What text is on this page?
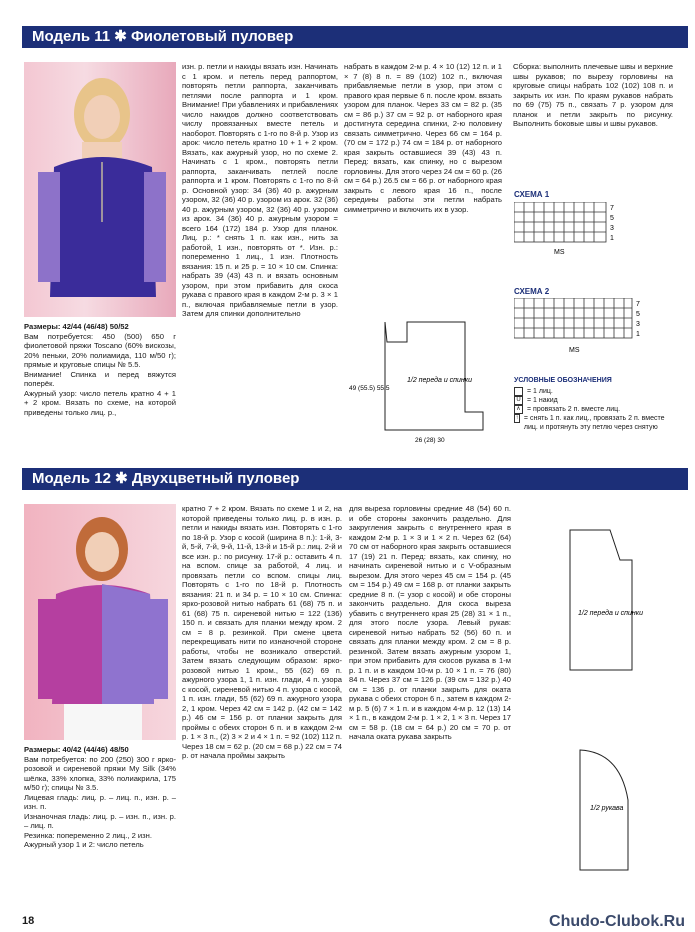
Модель 11 ✱ Фиолетовый пуловер

Размеры: 42/44 (46/48) 50/52

Вам потребуется: 450 (500) 650 г фиолетовой пряжи Toscano (60% вискозы, 20% пеньки, 20% полиамида, 110 м/50 г); прямые и круговые спицы № 5.5.

Внимание! Спинка и перед вяжутся поперёк.

Ажурный узор: число петель кратно 4 + 1 + 2 кром. Вязать по схеме, на которой приведены только лиц. р.,

изн. р. петли и накиды вязать изн. Начинать с 1 кром. и петель перед раппортом, повторять петли раппорта, заканчивать петлями после раппорта и 1 кром. Внимание! При убавлениях и прибавлениях число накидов должно соответствовать числу провязанных вместе петель и наоборот. Повторять с 1-го по 8-й р. Узор из арок: число петель кратно 10 + 1 + 2 кром. Вязать, как ажурный узор, но по схеме 2. Начинать с 1 кром., повторять петли раппорта, заканчивать петлей после раппорта и 1 кром. Повторять с 1-го по 8-й р. Основной узор: 34 (36) 40 р. ажурным узором, 32 (36) 40 р. узором из арок. 32 (36) 40 р. ажурным узором, 32 (36) 40 р. узором из арок. 34 (36) 40 р. ажурным узором = всего 164 (172) 184 р. Узор для планок. Лиц. р.: * снять 1 п. как изн., нить за работой, 1 изн., повторять от *. Изн. р.: попеременно 1 лиц., 1 изн. Плотность вязания: 15 п. и 25 р. = 10 × 10 см. Спинка: набрать 39 (43) 43 п. и вязать основным узором, при этом прибавить для скоса рукава с правого края в каждом 2-м р. 3 × 1 п., включая прибавляемые петли в узор. Затем для спинки дополнительно

набрать в каждом 2-м р. 4 × 10 (12) 12 п. и 1 × 7 (8) 8 п. = 89 (102) 102 п., включая прибавляемые петли в узор, при этом с правого края первые 6 п. после кром. вязать узором для планок. Через 33 см = 82 р. (35 см = 86 р.) 37 см = 92 р. от наборного края достигнута середина спинки, 2-ю половину связать симметрично. Через 66 см = 164 р. (70 см = 172 р.) 74 см = 184 р. от наборного края закрыть оставшиеся 39 (43) 43 п. Перед: вязать, как спинку, но с вырезом горловины. Для этого через 24 см = 60 р. (26 см = 64 р.) 26.5 см = 66 р. от наборного края закрыть с левого края 16 п., после середины работы эти петли набрать симметрично и включить их в узор.

1/2 переда и спинки
49 (55.5) 55.5
26 (28) 30

Сборка: выполнить плечевые швы и верхние швы рукавов; по вырезу горловины на круговые спицы набрать 102 (102) 108 п. и закрыть их изн. По краям рукавов набрать по 69 (75) 75 п., связать 7 р. узором для планок и петли закрыть по рисунку. Выполнить боковые швы и швы рукавов.

СХЕМА 1
7
5
3
1
MS
СХЕМА 2
7
5
3
1
MS
УСЛОВНЫЕ ОБОЗНАЧЕНИЯ
= 1 лиц.
U = 1 накид
∧ = провязать 2 п. вместе лиц.
↑ = снять 1 п. как лиц., провязать 2 п. вместе лиц. и протянуть эту петлю через снятую
Модель 12 ✱ Двухцветный пуловер

Размеры: 40/42 (44/46) 48/50

Вам потребуется: по 200 (250) 300 г ярко-розовой и сиреневой пряжи My Silk (34% шёлка, 33% хлопка, 33% полиакрила, 175 м/50 г); спицы № 3.5.

Лицевая гладь: лиц. р. – лиц. п., изн. р. – изн. п.

Изнаночная гладь: лиц. р. – изн. п., изн. р. – лиц. п.

Резинка: попеременно 2 лиц., 2 изн.

Ажурный узор 1 и 2: число петель

кратно 7 + 2 кром. Вязать по схеме 1 и 2, на которой приведены только лиц. р. в изн. р. петли и накиды вязать изн. Повторять с 1-го по 18-й р. Узор с косой (ширина 8 п.): 1-й, 3-й, 5-й, 7-й, 9-й, 11-й, 13-й и 15-й р.: лиц. 2-й и все изн. р.: по рисунку. 17-й р.: оставить 4 п. на вспом. спице за работой, 4 лиц. и провязать петли со вспом. спицы лиц. Повторять с 1-го по 18-й р. Плотность вязания: 21 п. и 34 р. = 10 × 10 см. Спинка: ярко-розовой нитью набрать 61 (68) 75 п. и 61 (68) 75 п. сиреневой нитью = 122 (136) 150 п. и связать для планки между кром. 2 см = 8 р. резинкой. При смене цвета перекрещивать нити по изнаночной стороне работы, чтобы не возникало отверстий. Затем вязать следующим образом: ярко-розовой нитью 1 кром., 55 (62) 69 п. ажурного узора 1, 1 п. изн. глади, 4 п. узора с косой, сиреневой нитью 4 п. узора с косой, 1 п. изн. глади, 55 (62) 69 п. ажурного узора 2, 1 кром. Через 42 см = 142 р. (42 см = 142 р.) 46 см = 156 р. от планки закрыть для проймы с обеих сторон 6 п. и в каждом 2-м р. 1 × 3 п., (2) 3 × 2 и 4 × 1 п. = 92 (102) 112 п. Через 18 см = 62 р. (20 см = 68 р.) 22 см = 74 р. от начала проймы закрыть

для выреза горловины средние 48 (54) 60 п. и обе стороны закончить раздельно. Для закругления закрыть с внутреннего края в каждом 2-м р. 1 × 3 и 1 × 2 п. Через 62 (64) 70 см от наборного края закрыть оставшиеся 17 (19) 21 п. Перед: вязать, как спинку, но начинать сиреневой нитью и с V-образным вырезом. Для этого через 45 см = 154 р. (45 см = 154 р.) 49 см = 168 р. от планки закрыть средние 8 п. (= узор с косой) и обе стороны закончить раздельно. Для скоса выреза убавить с внутреннего края 25 (28) 31 × 1 п., для этого после узора. Левый рукав: сиреневой нитью набрать 52 (56) 60 п. и связать для планки между кром. 2 см = 8 р. резинкой. Затем вязать ажурным узором 1, при этом прибавить для скосов рукава в 1-м р. 1 п. и в каждом 10-м р. 10 × 1 п. = 76 (80) 84 п. Через 37 см = 126 р. (39 см = 132 р.) 40 см = 136 р. от планки закрыть для оката рукава с обеих сторон 6 п., затем в каждом 2-м р. 5 (6) 7 × 1 п. и в каждом 4-м р. 12 (13) 14 × 1 п., в каждом 2-м р. 1 × 2, 1 × 3 п. Через 17 см = 58 р. (18 см = 64 р.) 20 см = 70 р. от начала оката рукава закрыть

1/2 переда и спинки
1/2 рукава
18	Chudo-Clubok.Ru
